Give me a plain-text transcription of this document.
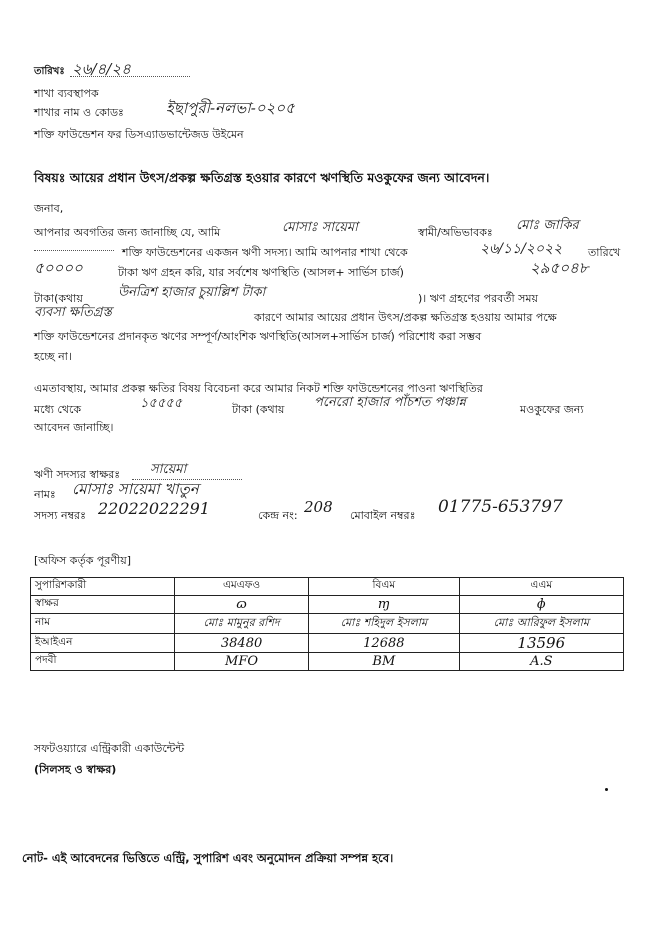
তারিখঃ ২৬/৪/২৪
শাখা ব্যবস্থাপক
শাখার নাম ও কোডঃ	ইছাপুরী-নলভা-০২০৫
শক্তি ফাউন্ডেশন ফর ডিসএ্যাডভান্টেজড উইমেন
বিষয়ঃ আয়ের প্রধান উৎস/প্রকল্প ক্ষতিগ্রস্ত হওয়ার কারণে ঋণস্থিতি মওকুফের জন্য আবেদন।
জনাব,
আপনার অবগতির জন্য জানাচ্ছি যে, আমি	মোসাঃ সায়েমা	স্বামী/অভিভাবকঃ মোঃ জাকির
শক্তি ফাউন্ডেশনের একজন ঋণী সদস্য। আমি আপনার শাখা থেকে	২৬/১১/২০২২ তারিখে
৫০০০০	টাকা ঋণ গ্রহন করি, যার সর্বশেষ ঋণস্থিতি (আসল+ সার্ভিস চার্জ)	২৯৫০৪৮
টাকা(কথায়	উনত্রিশ হাজার চুয়াল্লিশ টাকা	)। ঋণ গ্রহণের পরবর্তী সময়
ব্যবসা ক্ষতিগ্রস্ত	কারণে আমার আয়ের প্রধান উৎস/প্রকল্প ক্ষতিগ্রস্ত হওয়ায় আমার পক্ষে
শক্তি ফাউন্ডেশনের প্রদানকৃত ঋণের সম্পূর্ণ/আংশিক ঋণস্থিতি(আসল+সার্ভিস চার্জ) পরিশোধ করা সম্ভব
হচ্ছে না।
এমতাবস্থায়, আমার প্রকল্প ক্ষতির বিষয় বিবেচনা করে আমার নিকট শক্তি ফাউন্ডেশনের পাওনা ঋণস্থিতির
মধ্যে থেকে	১৫৫৫৫	টাকা (কথায় পনেরো হাজার পাঁচশত পঞ্চান্ন	মওকুফের জন্য
আবেদন জানাচ্ছি।
ঋণী সদস্যর স্বাক্ষরঃ সায়েমা
নামঃ মোসাঃ সায়েমা খাতুন
সদস্য নম্বরঃ 22022022291	কেন্দ্র নং: 208 মোবাইল নম্বরঃ 01775-653797
[অফিস কর্তৃক পূরণীয়]
সুপারিশকারী	এমএফও	বিএম	এএম
স্বাক্ষর	ɷ	ɱ	ɸ
নাম	মোঃ মামুনুর রশিদ	মোঃ শহিদুল ইসলাম	মোঃ আরিফুল ইসলাম
ইআইএন	38480	12688	13596
পদবী	MFO	BM	A.S
সফটওয়্যারে এন্ট্রিকারী একাউন্টেন্ট
(সিলসহ ও স্বাক্ষর)
নোট- এই আবেদনের ভিত্তিতে এন্ট্রি, সুপারিশ এবং অনুমোদন প্রক্রিয়া সম্পন্ন হবে।
